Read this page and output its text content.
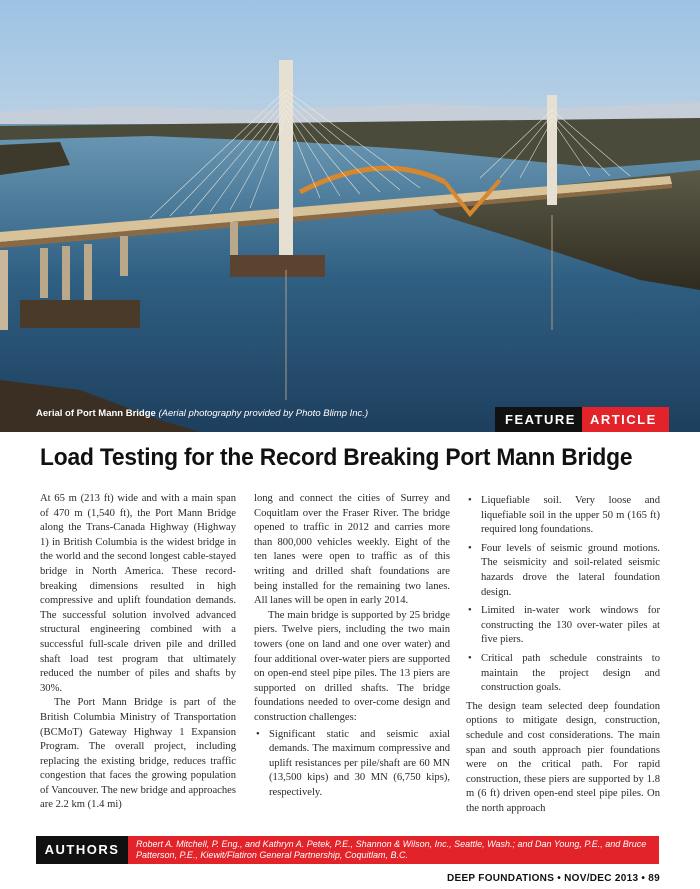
Aerial of Port Mann Bridge (Aerial photography provided by Photo Blimp Inc.)	FEATURE	ARTICLE
Load Testing for the Record Breaking Port Mann Bridge

At 65 m (213 ft) wide and with a main span of 470 m (1,540 ft), the Port Mann Bridge along the Trans-Canada Highway (Highway 1) in British Columbia is the widest bridge in the world and the second longest cable-stayed bridge in North America. These record-breaking dimensions resulted in high compressive and uplift foundation demands. The successful solution involved advanced structural engineering combined with a successful full-scale driven pile and drilled shaft load test program that ultimately reduced the number of piles and shafts by 30%.

The Port Mann Bridge is part of the British Columbia Ministry of Transportation (BCMoT) Gateway Highway 1 Expansion Program. The overall project, including replacing the existing bridge, reduces traffic congestion that faces the growing population of Vancouver. The new bridge and approaches are 2.2 km (1.4 mi)

long and connect the cities of Surrey and Coquitlam over the Fraser River. The bridge opened to traffic in 2012 and carries more than 800,000 vehicles weekly. Eight of the ten lanes were open to traffic as of this writing and drilled shaft foundations are being installed for the remaining two lanes. All lanes will be open in early 2014.

The main bridge is supported by 25 bridge piers. Twelve piers, including the two main towers (one on land and one over water) and four additional over-water piers are supported on open-end steel pipe piles. The 13 piers are supported on drilled shafts. The bridge foundations needed to over-come design and construction challenges:

• Significant static and seismic axial demands. The maximum compressive and uplift resistances per pile/shaft are 60 MN (13,500 kips) and 30 MN (6,750 kips), respectively.
• Liquefiable soil. Very loose and liquefiable soil in the upper 50 m (165 ft) required long foundations.
• Four levels of seismic ground motions. The seismicity and soil-related seismic hazards drove the lateral foundation design.
• Limited in-water work windows for constructing the 130 over-water piles at five piers.
• Critical path schedule constraints to maintain the project design and construction goals.

The design team selected deep foundation options to mitigate design, construction, schedule and cost considerations. The main span and south approach pier foundations were on the critical path. For rapid construction, these piers are supported by 1.8 m (6 ft) driven open-end steel pipe piles. On the north approach

AUTHORS	Robert A. Mitchell, P. Eng., and Kathryn A. Petek, P.E., Shannon & Wilson, Inc., Seattle, Wash.; and Dan Young, P.E., and Bruce Patterson, P.E., Kiewit/Flatiron General Partnership, Coquitlam, B.C.
DEEP FOUNDATIONS • NOV/DEC 2013 • 89
